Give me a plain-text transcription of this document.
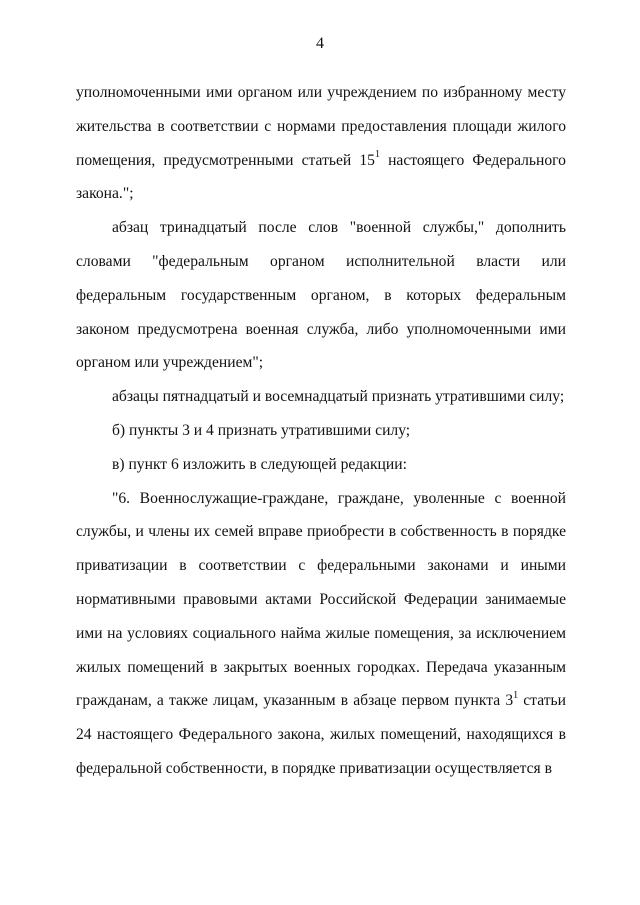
4

уполномоченными ими органом или учреждением по избранному месту жительства в соответствии с нормами предоставления площади жилого помещения, предусмотренными статьей $15^1$ настоящего Федерального закона.";

абзац тринадцатый после слов "военной службы," дополнить словами "федеральным органом исполнительной власти или федеральным государственным органом, в которых федеральным законом предусмотрена военная служба, либо уполномоченными ими органом или учреждением";

абзацы пятнадцатый и восемнадцатый признать утратившими силу;

б) пункты 3 и 4 признать утратившими силу;

в) пункт 6 изложить в следующей редакции:

"6. Военнослужащие-граждане, граждане, уволенные с военной службы, и члены их семей вправе приобрести в собственность в порядке приватизации в соответствии с федеральными законами и иными нормативными правовыми актами Российской Федерации занимаемые ими на условиях социального найма жилые помещения, за исключением жилых помещений в закрытых военных городках. Передача указанным гражданам, а также лицам, указанным в абзаце первом пункта $3^1$ статьи 24 настоящего Федерального закона, жилых помещений, находящихся в федеральной собственности, в порядке приватизации осуществляется в
